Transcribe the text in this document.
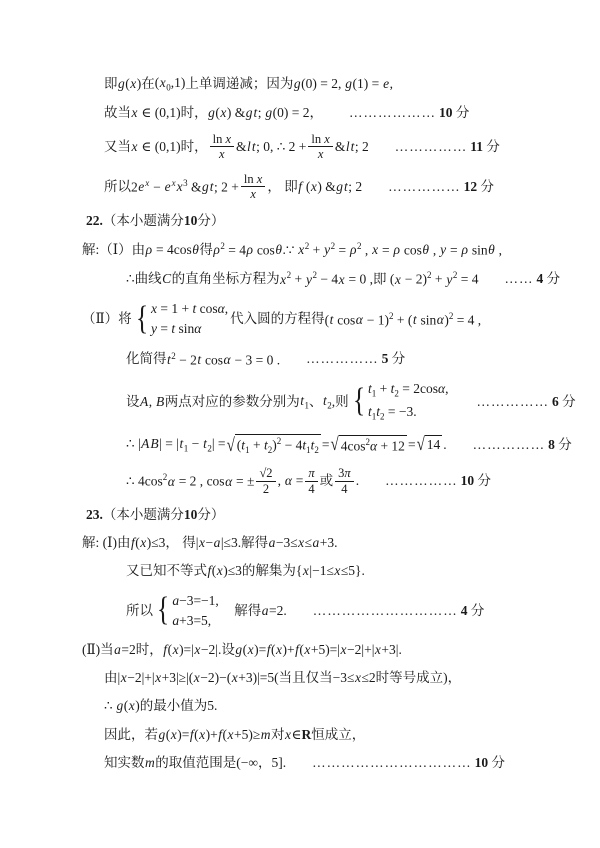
即 g(x) 在 $(x_0,1)$ 上单调递减；因为 g(0) = 2, g(1) = e,
故当 x ∈ (0,1) 时， g(x) &gt; g(0) = 2 ， ……………… 10 分
又当 x ∈ (0,1) 时， $\frac{\text{ln x}}{x}$ &lt; 0, ∴ $2 + \frac{\text{ln x}}{x}$ &lt; 2 …………… 11 分
所以 $2e^x - e^xx^3$ &gt; $2 + \frac{\text{ln x}}{x}$ ， 即 f (x) &gt; 2 …………… 12 分
22. （本小题满分 10 分）
解:（Ⅰ）由 ρ = 4cosθ 得 $\rho^2 = 4\rho$ cosθ . ∵ $x^2 + y^2 = \rho^2$ , x = ρ cosθ , y = ρ sinθ ,
∴ 曲线 C 的直角坐标方程为 $x^2 + y^2 - 4x = 0$ ,即 $(x - 2)^2 + y^2 = 4$ …… 4 分
（Ⅱ）将 { x = 1 + t cosα,
y = t sinα
代入圆的方程得 (t cosα − 1)$^2$ + (t sinα)$^2$ = 4 ,
化简得 $t^2 - 2t$ cosα − 3 = 0 . …………… 5 分
设 A, B 两点对应的参数分别为 $t_1$ 、 $t_2$ ,则 { $t_1 + t_2 = 2\cos\alpha$,
$t_1t_2 = -3$.
…………… 6 分
∴ $|AB| = |t_1 - t_2|$ = √ $(t_1 + t_2)^2 - 4t_1t_2$ = √ $4\cos^2\alpha + 12$ = √ 14 . …………… 8 分
∴ $4\cos^2\alpha = 2$ , cosα = ± $\frac{√2}{2}$ , $\alpha = \frac{\pi}{4}$ 或 $\frac{3\pi}{4}$ . …………… 10 分
23. （本小题满分 10 分）
解: (Ⅰ)由 f(x)≤3 ， 得 |x−a|≤3. 解得 a−3≤x≤a+3.
又已知不等式 f(x)≤3 的解集为 {x|−1≤x≤5}.
所以 { a−3=−1,
a+3=5,
　解得 a=2. ………………………… 4 分
(Ⅱ)当 a=2 时， f(x)=|x−2|. 设 g(x)=f(x)+f(x+5)=|x−2|+|x+3|.
由 |x−2|+|x+3|≥|(x−2)−(x+3)|=5( 当且仅当 −3≤x≤2 时等号成立)，
∴ g(x) 的最小值为 5.
因此，若 g(x)=f(x)+f(x+5)≥m 对 x∈R 恒成立，
知实数 m 的取值范围是 (−∞，5]. …………………………… 10 分
